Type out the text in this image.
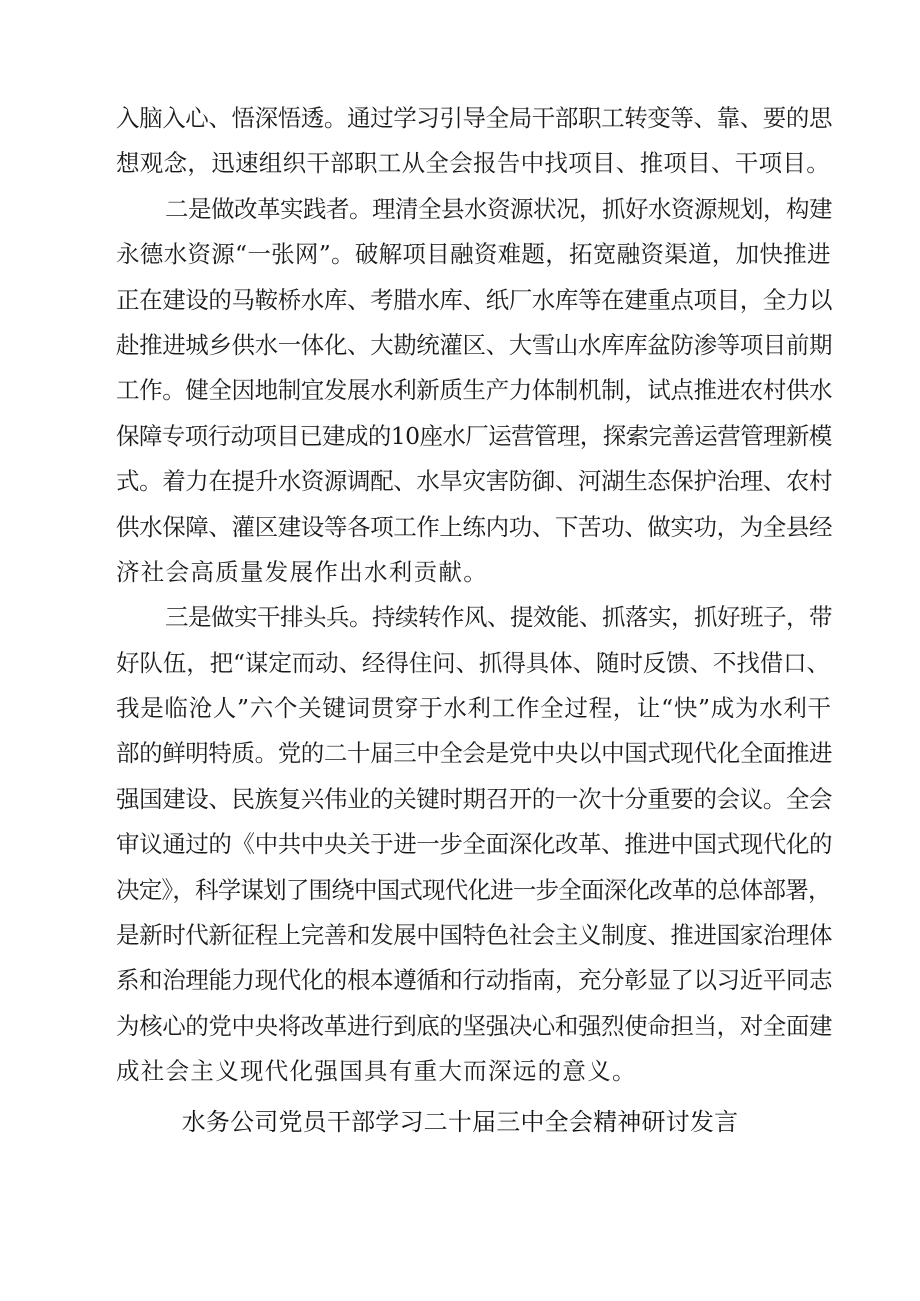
入脑入心、悟深悟透。通过学习引导全局干部职工转变等、靠、要的思
想观念，迅速组织干部职工从全会报告中找项目、推项目、干项目。
二是做改革实践者。理清全县水资源状况，抓好水资源规划，构建
永德水资源“一张网”。破解项目融资难题，拓宽融资渠道，加快推进
正在建设的马鞍桥水库、考腊水库、纸厂水库等在建重点项目，全力以
赴推进城乡供水一体化、大勘统灌区、大雪山水库库盆防渗等项目前期
工作。健全因地制宜发展水利新质生产力体制机制，试点推进农村供水
保障专项行动项目已建成的10座水厂运营管理，探索完善运营管理新模
式。着力在提升水资源调配、水旱灾害防御、河湖生态保护治理、农村
供水保障、灌区建设等各项工作上练内功、下苦功、做实功，为全县经
济社会高质量发展作出水利贡献。
三是做实干排头兵。持续转作风、提效能、抓落实，抓好班子，带
好队伍，把“谋定而动、经得住问、抓得具体、随时反馈、不找借口、
我是临沧人”六个关键词贯穿于水利工作全过程，让“快”成为水利干
部的鲜明特质。党的二十届三中全会是党中央以中国式现代化全面推进
强国建设、民族复兴伟业的关键时期召开的一次十分重要的会议。全会
审议通过的《中共中央关于进一步全面深化改革、推进中国式现代化的
决定》，科学谋划了围绕中国式现代化进一步全面深化改革的总体部署，
是新时代新征程上完善和发展中国特色社会主义制度、推进国家治理体
系和治理能力现代化的根本遵循和行动指南，充分彰显了以习近平同志
为核心的党中央将改革进行到底的坚强决心和强烈使命担当，对全面建
成社会主义现代化强国具有重大而深远的意义。
水务公司党员干部学习二十届三中全会精神研讨发言
